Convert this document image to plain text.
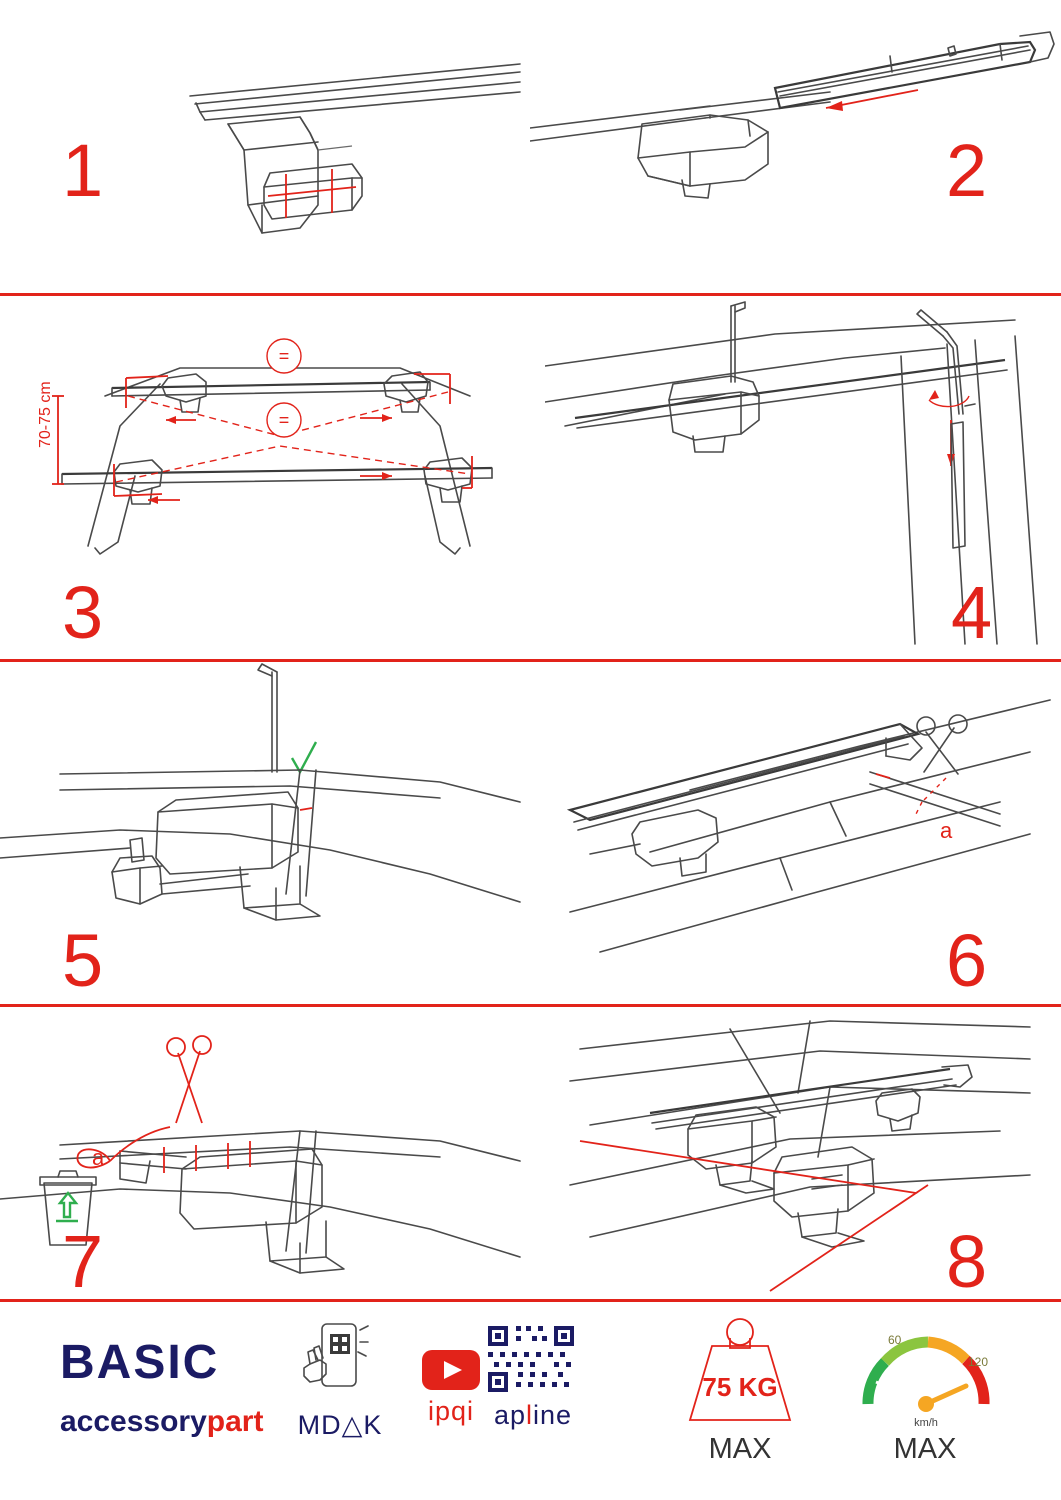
1	2
=
=
70-75 cm
3	4
5
a
6
a
7	8
BASIC
accessorypart	MD△K	ipqi apline
75 KG
MAX
60
120
km/h
MAX
